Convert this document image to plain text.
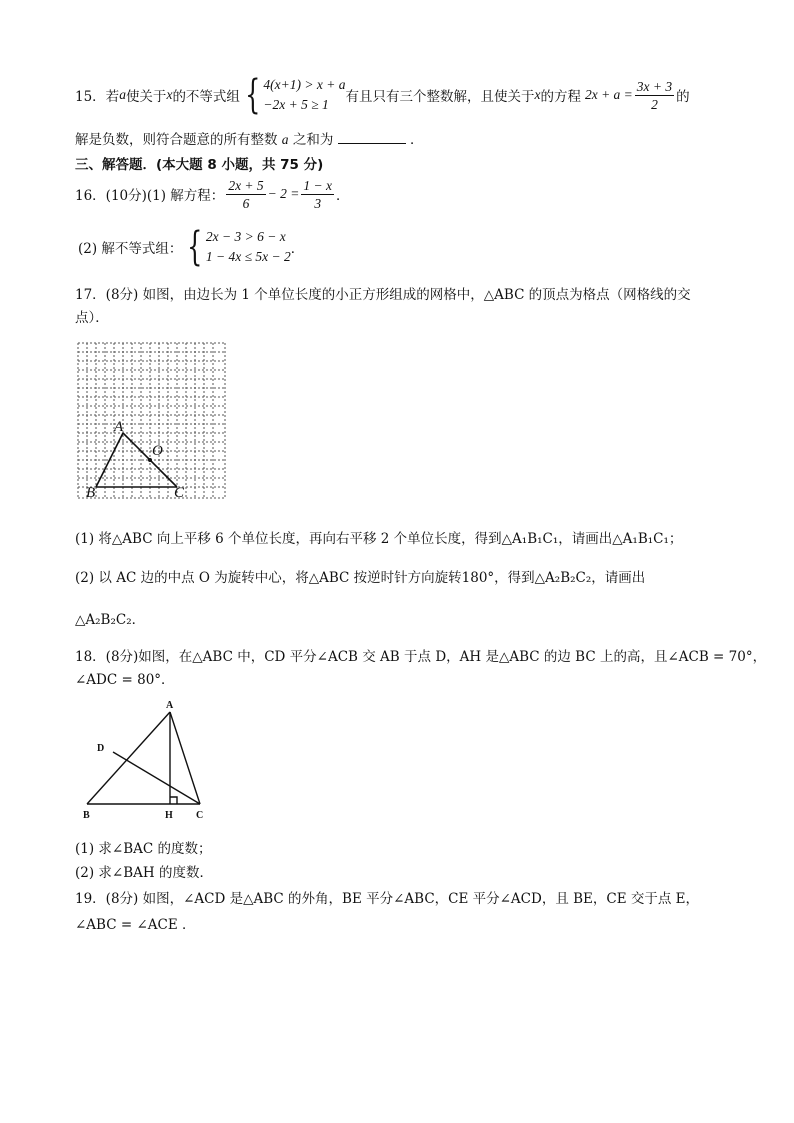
15．若 a 使关于 x 的不等式组 { 4(x+1) > x + a
−2x + 5 ≥ 1	有且只有三个整数解，且使关于 x 的方程 $2x + a = \frac{3x + 3}{2}$ 的
解是负数，则符合题意的所有整数 a 之和为	．
三、解答题．(本大题 8 小题，共 75 分)
16．(10分)(1) 解方程： $\frac{2x + 5}{6} - 2 = \frac{1 - x}{3}$ ．
(2) 解不等式组： { 2x − 3 > 6 − x
1 − 4x ≤ 5x − 2 ．
17．(8分) 如图，由边长为 1 个单位长度的小正方形组成的网格中，△ABC 的顶点为格点（网格线的交
点）．
A
B	C
O
(1) 将△ABC 向上平移 6 个单位长度，再向右平移 2 个单位长度，得到△A₁B₁C₁，请画出△A₁B₁C₁；
(2) 以 AC 边的中点 O 为旋转中心，将△ABC 按逆时针方向旋转180°，得到△A₂B₂C₂，请画出
△A₂B₂C₂．
18．(8分)如图，在△ABC 中，CD 平分∠ACB 交 AB 于点 D，AH 是△ABC 的边 BC 上的高，且∠ACB = 70°，
∠ADC = 80°．
A
D
B	H C
(1) 求∠BAC 的度数；
(2) 求∠BAH 的度数．
19．(8分) 如图，∠ACD 是△ABC 的外角，BE 平分∠ABC，CE 平分∠ACD，且 BE，CE 交于点 E，
∠ABC = ∠ACE ．
